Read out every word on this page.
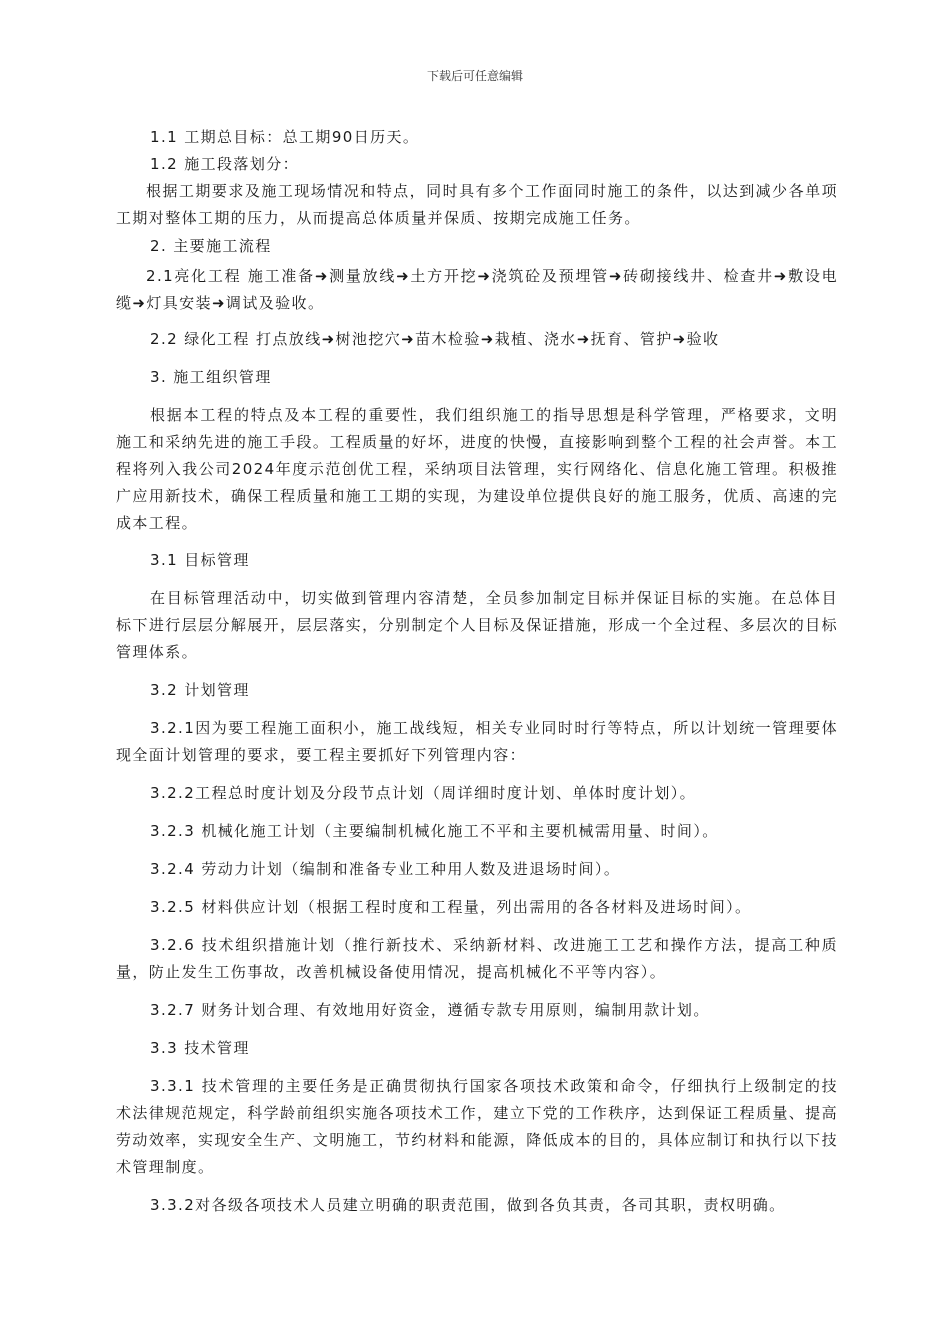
下载后可任意编辑

1.1 工期总目标：总工期90日历天。

1.2 施工段落划分：

根据工期要求及施工现场情况和特点，同时具有多个工作面同时施工的条件，以达到减少各单项工期对整体工期的压力，从而提高总体质量并保质、按期完成施工任务。

2. 主要施工流程

2.1亮化工程 施工准备➜测量放线➜土方开挖➜浇筑砼及预埋管➜砖砌接线井、检查井➜敷设电缆➜灯具安装➜调试及验收。

2.2 绿化工程 打点放线➜树池挖穴➜苗木检验➜栽植、浇水➜抚育、管护➜验收

3. 施工组织管理

根据本工程的特点及本工程的重要性，我们组织施工的指导思想是科学管理，严格要求，文明施工和采纳先进的施工手段。工程质量的好坏，进度的快慢，直接影响到整个工程的社会声誉。本工程将列入我公司2024年度示范创优工程，采纳项目法管理，实行网络化、信息化施工管理。积极推广应用新技术，确保工程质量和施工工期的实现，为建设单位提供良好的施工服务，优质、高速的完成本工程。

3.1 目标管理

在目标管理活动中，切实做到管理内容清楚，全员参加制定目标并保证目标的实施。在总体目标下进行层层分解展开，层层落实，分别制定个人目标及保证措施，形成一个全过程、多层次的目标管理体系。

3.2 计划管理

3.2.1因为要工程施工面积小，施工战线短，相关专业同时时行等特点，所以计划统一管理要体现全面计划管理的要求，要工程主要抓好下列管理内容：

3.2.2工程总时度计划及分段节点计划（周详细时度计划、单体时度计划）。

3.2.3 机械化施工计划（主要编制机械化施工不平和主要机械需用量、时间）。

3.2.4 劳动力计划（编制和准备专业工种用人数及进退场时间）。

3.2.5 材料供应计划（根据工程时度和工程量，列出需用的各各材料及进场时间）。

3.2.6 技术组织措施计划（推行新技术、采纳新材料、改进施工工艺和操作方法，提高工种质量，防止发生工伤事故，改善机械设备使用情况，提高机械化不平等内容）。

3.2.7 财务计划合理、有效地用好资金，遵循专款专用原则，编制用款计划。

3.3 技术管理

3.3.1 技术管理的主要任务是正确贯彻执行国家各项技术政策和命令，仔细执行上级制定的技术法律规范规定，科学龄前组织实施各项技术工作，建立下党的工作秩序，达到保证工程质量、提高劳动效率，实现安全生产、文明施工，节约材料和能源，降低成本的目的，具体应制订和执行以下技术管理制度。

3.3.2对各级各项技术人员建立明确的职责范围，做到各负其责，各司其职，责权明确。
